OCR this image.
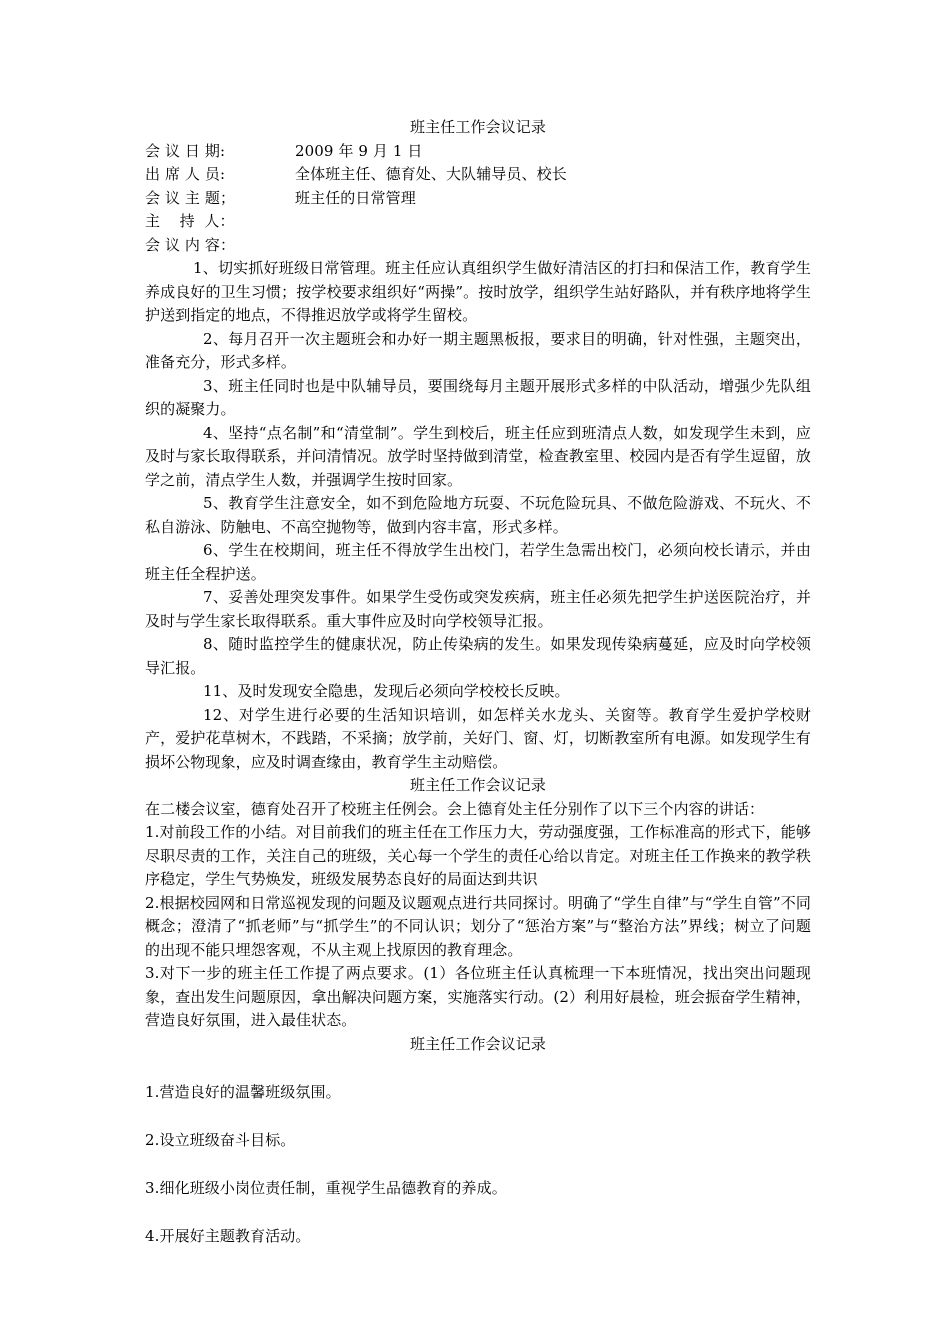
班主任工作会议记录

会 议 日 期:	2009 年 9 月 1 日
出 席 人 员:	全体班主任、德育处、大队辅导员、校长
会 议 主 题；	班主任的日常管理
主    持  人：
会 议 内 容：

1、切实抓好班级日常管理。班主任应认真组织学生做好清洁区的打扫和保洁工作，教育学生养成良好的卫生习惯；按学校要求组织好“两操”。按时放学，组织学生站好路队，并有秩序地将学生护送到指定的地点，不得推迟放学或将学生留校。

2、每月召开一次主题班会和办好一期主题黑板报，要求目的明确，针对性强，主题突出，准备充分，形式多样。

3、班主任同时也是中队辅导员，要围绕每月主题开展形式多样的中队活动，增强少先队组织的凝聚力。

4、坚持“点名制”和“清堂制”。学生到校后，班主任应到班清点人数，如发现学生未到，应及时与家长取得联系，并问清情况。放学时坚持做到清堂，检查教室里、校园内是否有学生逗留，放学之前，清点学生人数，并强调学生按时回家。

5、教育学生注意安全，如不到危险地方玩耍、不玩危险玩具、不做危险游戏、不玩火、不私自游泳、防触电、不高空抛物等，做到内容丰富，形式多样。

6、学生在校期间，班主任不得放学生出校门，若学生急需出校门，必须向校长请示，并由班主任全程护送。

7、妥善处理突发事件。如果学生受伤或突发疾病，班主任必须先把学生护送医院治疗，并及时与学生家长取得联系。重大事件应及时向学校领导汇报。

8、随时监控学生的健康状况，防止传染病的发生。如果发现传染病蔓延，应及时向学校领导汇报。

11、及时发现安全隐患，发现后必须向学校校长反映。

12、对学生进行必要的生活知识培训，如怎样关水龙头、关窗等。教育学生爱护学校财产，爱护花草树木，不践踏，不采摘；放学前，关好门、窗、灯，切断教室所有电源。如发现学生有损坏公物现象，应及时调查缘由，教育学生主动赔偿。

班主任工作会议记录

在二楼会议室，德育处召开了校班主任例会。会上德育处主任分别作了以下三个内容的讲话：

1.对前段工作的小结。对目前我们的班主任在工作压力大，劳动强度强，工作标准高的形式下，能够尽职尽责的工作，关注自己的班级，关心每一个学生的责任心给以肯定。对班主任工作换来的教学秩序稳定，学生气势焕发，班级发展势态良好的局面达到共识

2.根据校园网和日常巡视发现的问题及议题观点进行共同探讨。明确了“学生自律”与“学生自管”不同概念；澄清了“抓老师”与“抓学生”的不同认识；划分了“惩治方案”与“整治方法”界线；树立了问题的出现不能只埋怨客观，不从主观上找原因的教育理念。

3.对下一步的班主任工作提了两点要求。(1）各位班主任认真梳理一下本班情况，找出突出问题现象，查出发生问题原因，拿出解决问题方案，实施落实行动。(2）利用好晨检，班会振奋学生精神，营造良好氛围，进入最佳状态。

班主任工作会议记录

1.营造良好的温馨班级氛围。

2.设立班级奋斗目标。

3.细化班级小岗位责任制，重视学生品德教育的养成。

4.开展好主题教育活动。
